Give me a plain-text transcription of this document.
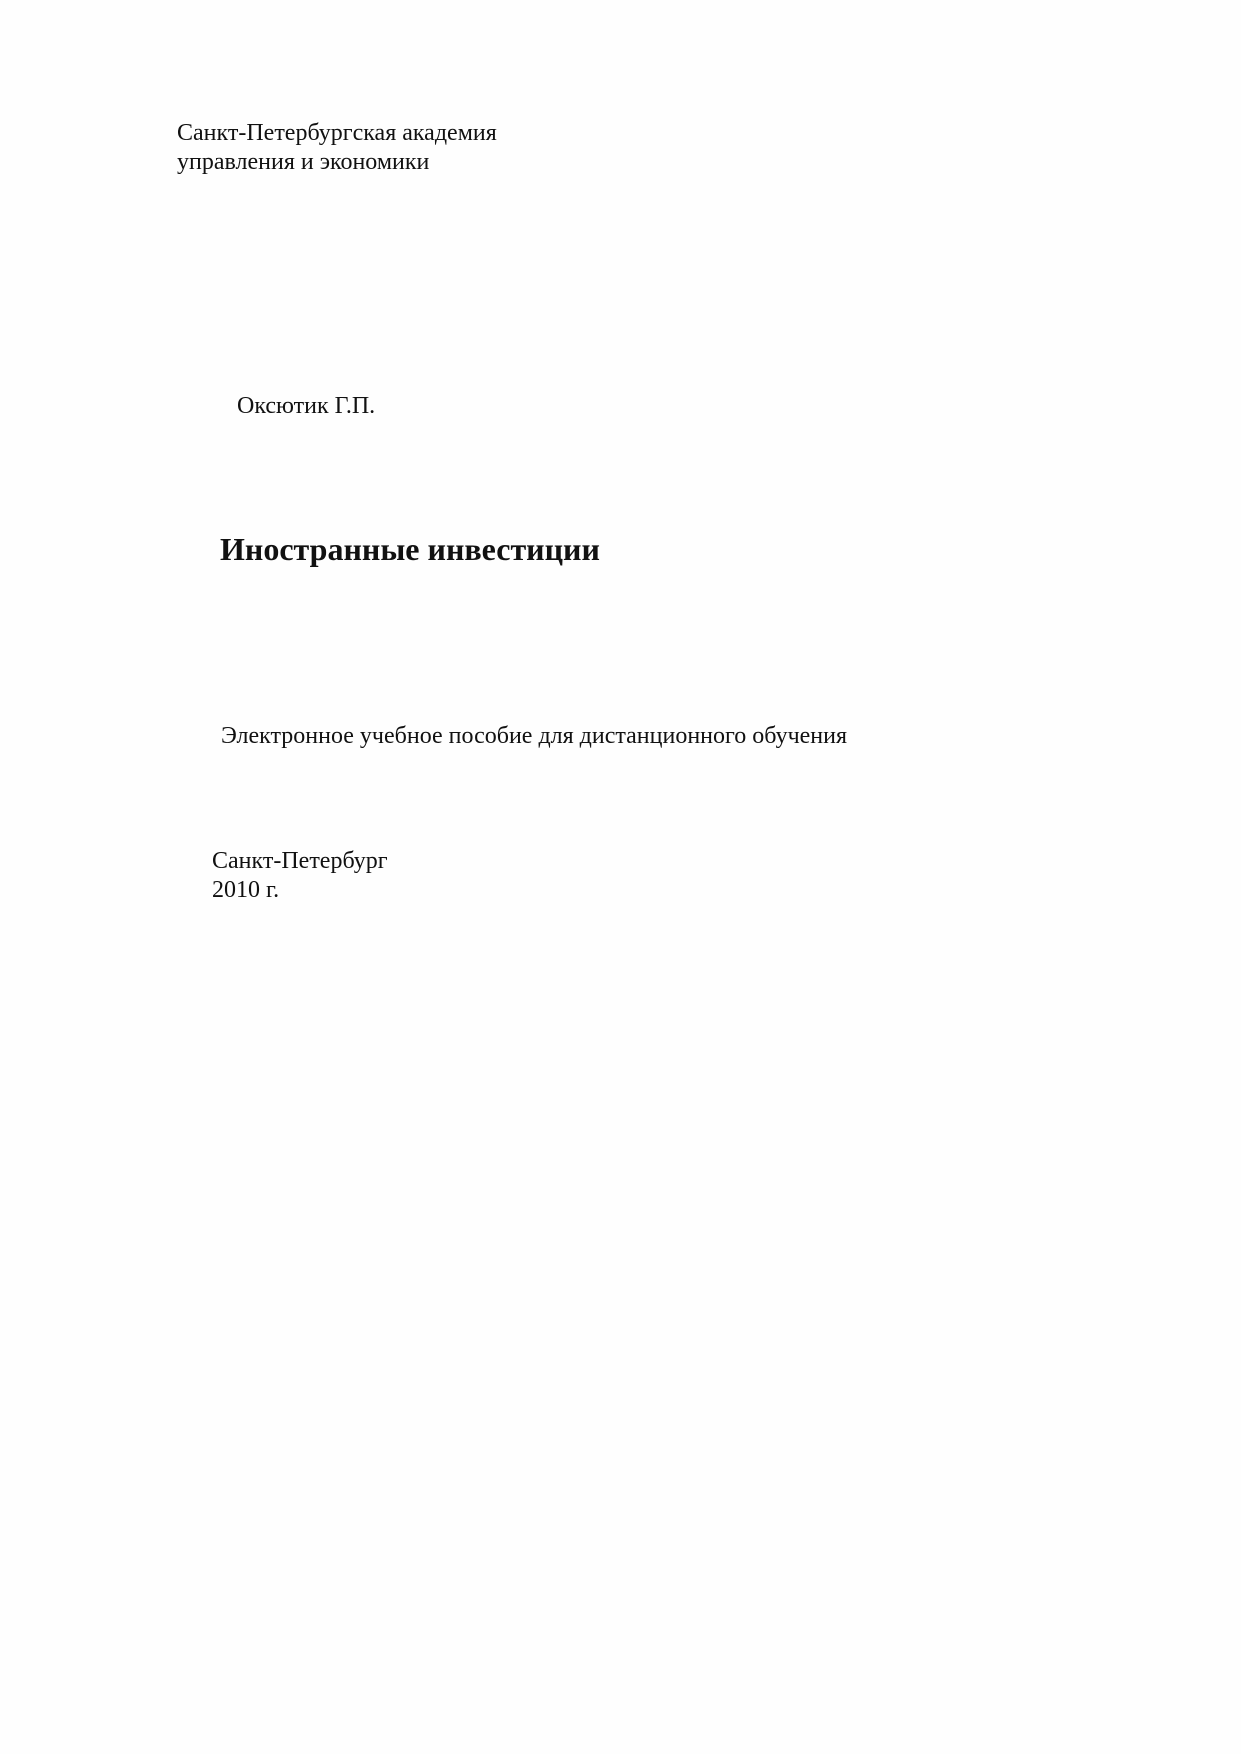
Санкт-Петербургская академия
управления и экономики
Оксютик Г.П.
Иностранные инвестиции
Электронное учебное пособие для дистанционного обучения
Санкт-Петербург
2010 г.
